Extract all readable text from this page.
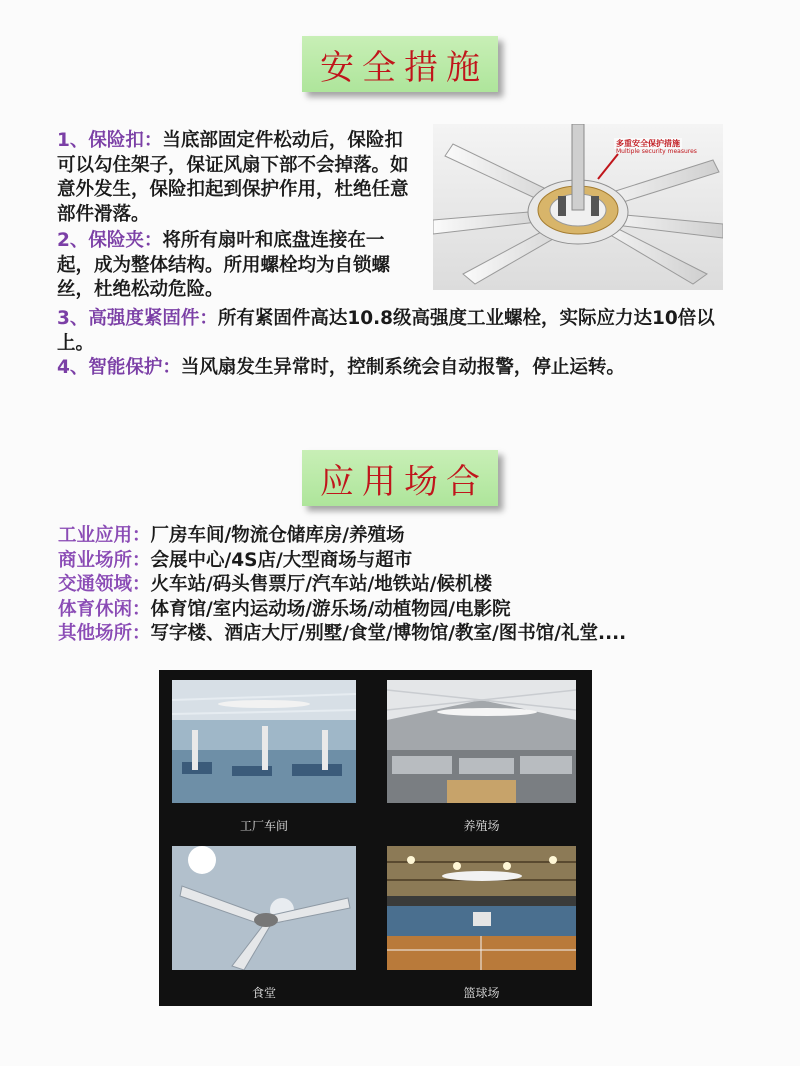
安全措施

1、保险扣：当底部固定件松动后，保险扣可以勾住架子，保证风扇下部不会掉落。如意外发生，保险扣起到保护作用，杜绝任意部件滑落。

2、保险夹：将所有扇叶和底盘连接在一起，成为整体结构。所用螺栓均为自锁螺丝，杜绝松动危险。

3、高强度紧固件：所有紧固件高达10.8级高强度工业螺栓，实际应力达10倍以上。

4、智能保护：当风扇发生异常时，控制系统会自动报警，停止运转。

多重安全保护措施
Multiple security measures
应用场合
工业应用：厂房车间/物流仓储库房/养殖场
商业场所：会展中心/4S店/大型商场与超市
交通领域：火车站/码头售票厅/汽车站/地铁站/候机楼
体育休闲：体育馆/室内运动场/游乐场/动植物园/电影院
其他场所：写字楼、酒店大厅/别墅/食堂/博物馆/教室/图书馆/礼堂....
工厂车间	养殖场
食堂	篮球场
